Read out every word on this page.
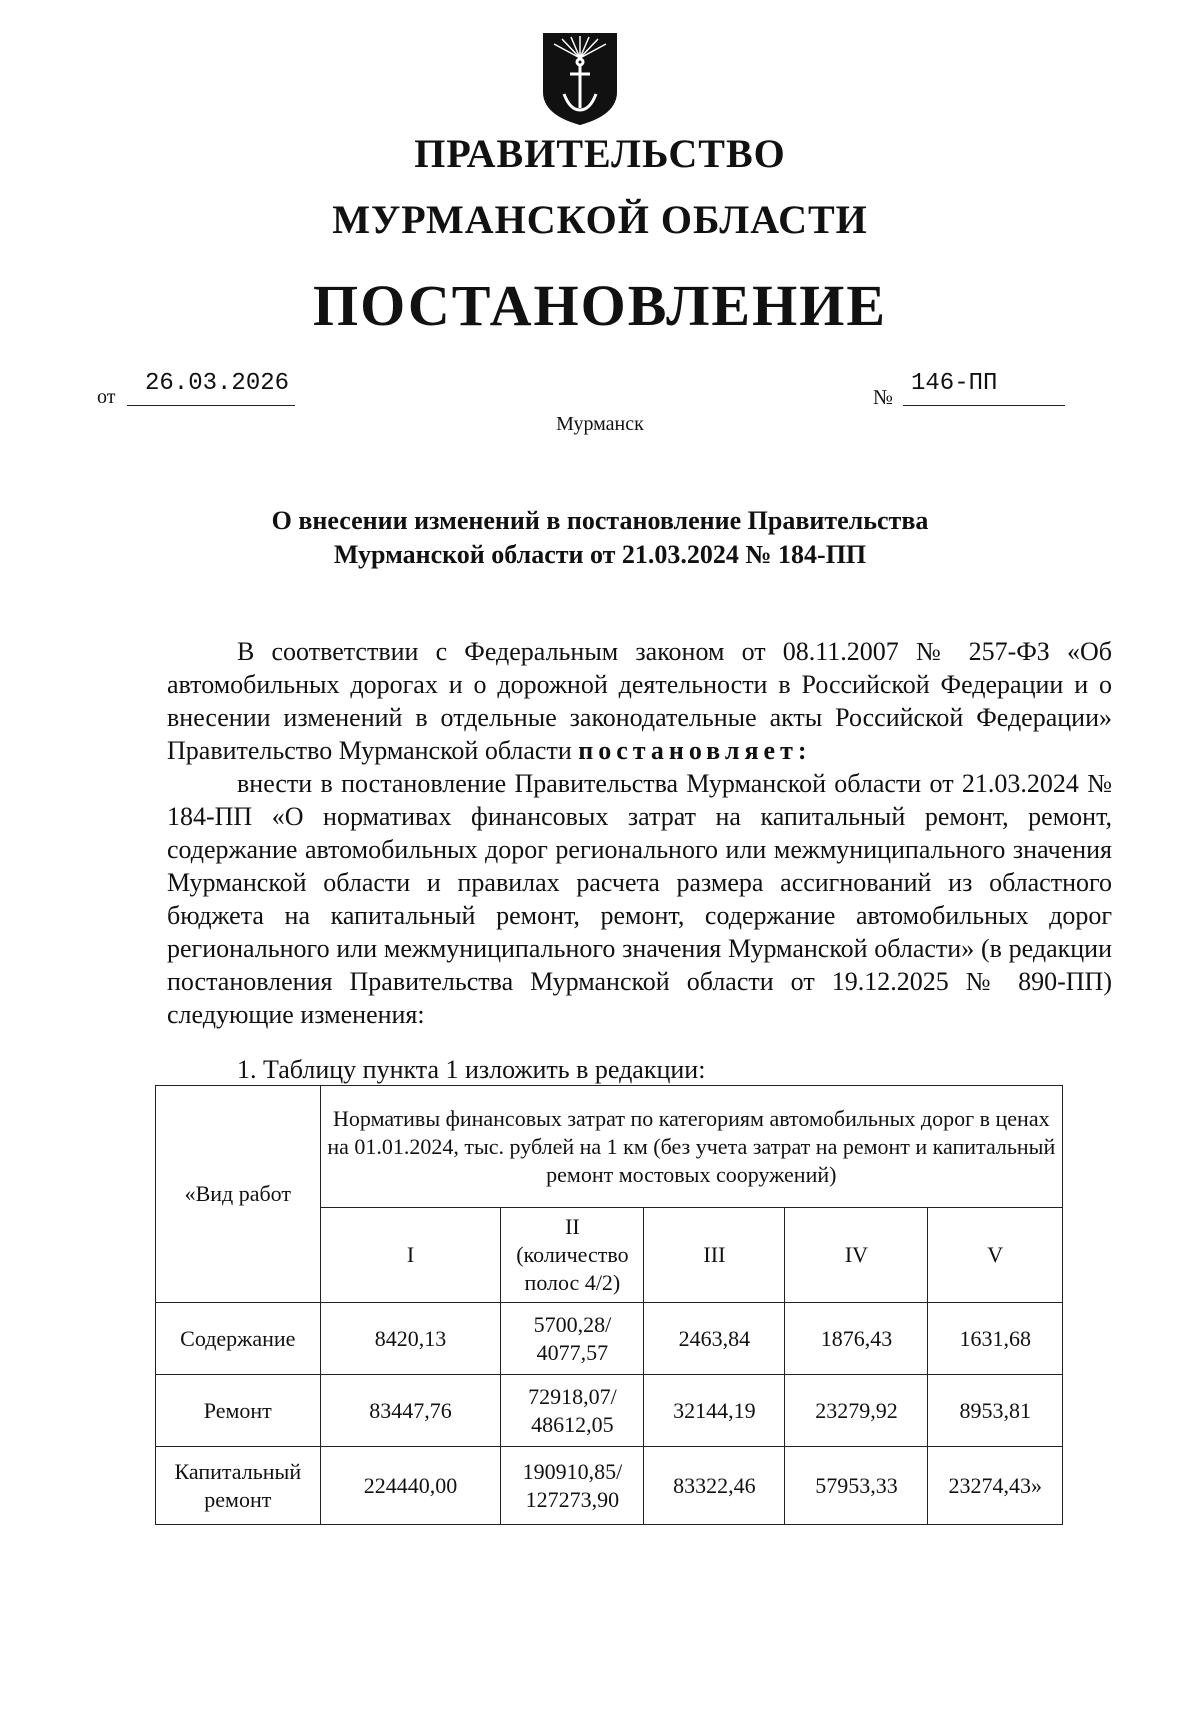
ПРАВИТЕЛЬСТВО
МУРМАНСКОЙ ОБЛАСТИ
ПОСТАНОВЛЕНИЕ
от	26.03.2026	№ 146-ПП
Мурманск
О внесении изменений в постановление Правительства
Мурманской области от 21.03.2024 № 184-ПП
В соответствии с Федеральным законом от 08.11.2007 № 257-ФЗ «Об автомобильных дорогах и о дорожной деятельности в Российской Федерации и о внесении изменений в отдельные законодательные акты Российской Федерации» Правительство Мурманской области постановляет:
внести в постановление Правительства Мурманской области от 21.03.2024 № 184-ПП «О нормативах финансовых затрат на капитальный ремонт, ремонт, содержание автомобильных дорог регионального или межмуниципального значения Мурманской области и правилах расчета размера ассигнований из областного бюджета на капитальный ремонт, ремонт, содержание автомобильных дорог регионального или межмуниципального значения Мурманской области» (в редакции постановления Правительства Мурманской области от 19.12.2025 № 890-ПП) следующие изменения:
1. Таблицу пункта 1 изложить в редакции:
«Вид работ	Нормативы финансовых затрат по категориям автомобильных дорог в ценах на 01.01.2024, тыс. рублей на 1 км (без учета затрат на ремонт и капитальный ремонт мостовых сооружений)				
	I	II (количество полос 4/2)	III	IV	V
Содержание	8420,13	5700,28/ 4077,57	2463,84	1876,43	1631,68
Ремонт	83447,76	72918,07/ 48612,05	32144,19	23279,92	8953,81
Капитальный ремонт	224440,00	190910,85/ 127273,90	83322,46	57953,33	23274,43»
